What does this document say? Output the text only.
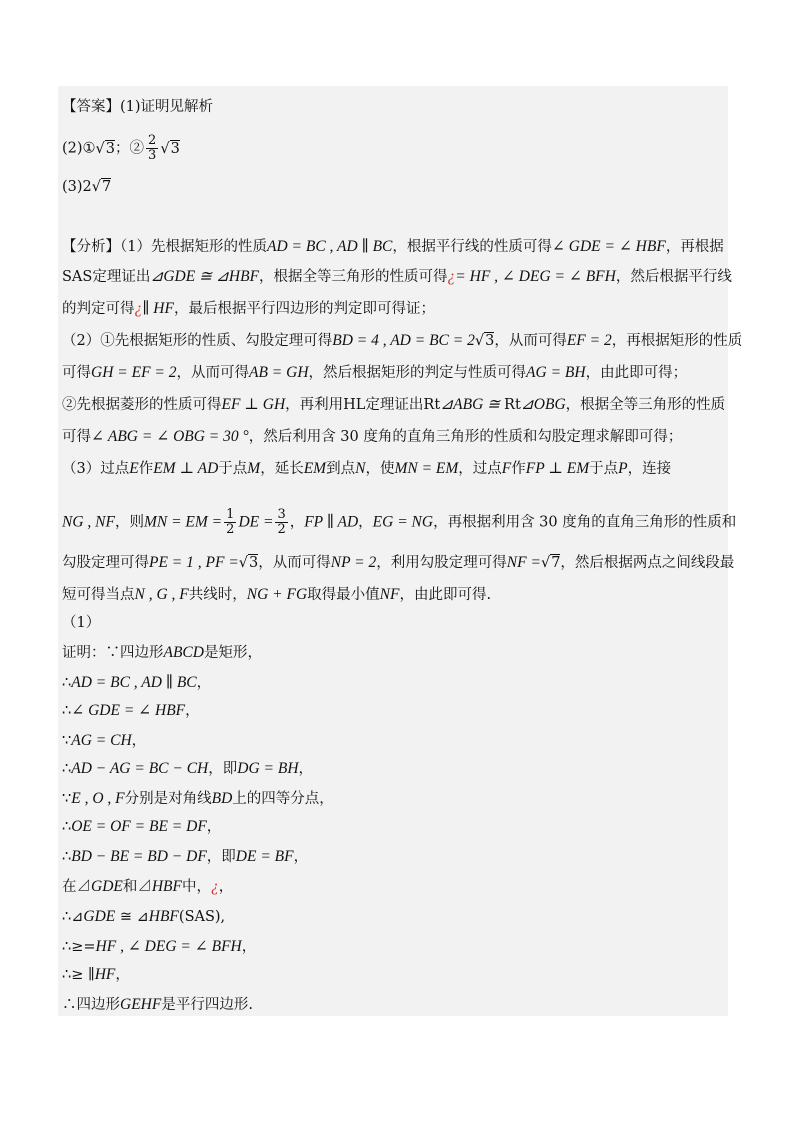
【答案】(1)证明见解析
(2)①√3；② $\frac{2}{3} √3$
(3)2√7
【分析】（1）先根据矩形的性质AD = BC , AD ∥ BC，根据平行线的性质可得∠ GDE = ∠ HBF，再根据
SAS定理证出⊿GDE ≅ ⊿HBF，根据全等三角形的性质可得¿= HF , ∠ DEG = ∠ BFH，然后根据平行线
的判定可得¿∥ HF，最后根据平行四边形的判定即可得证；
（2）①先根据矩形的性质、勾股定理可得BD = 4 , AD = BC = 2√3，从而可得EF = 2，再根据矩形的性质
可得GH = EF = 2，从而可得AB = GH，然后根据矩形的判定与性质可得AG = BH，由此即可得；
②先根据菱形的性质可得EF ⊥ GH，再利用HL定理证出Rt⊿ABG ≅ Rt⊿OBG，根据全等三角形的性质
可得∠ ABG = ∠ OBG = 30 °，然后利用含 30 度角的直角三角形的性质和勾股定理求解即可得；
（3）过点E作EM ⊥ AD于点M，延长EM到点N，使MN = EM，过点F作FP ⊥ EM于点P，连接
NG , NF，则MN = EM = $\frac{1}{2}$ DE = $\frac{3}{2}$ ，FP ∥ AD，EG = NG，再根据利用含 30 度角的直角三角形的性质和
勾股定理可得PE = 1 , PF =√3，从而可得NP = 2，利用勾股定理可得NF =√7，然后根据两点之间线段最
短可得当点N , G , F共线时，NG + FG取得最小值NF，由此即可得.
（1）
证明：∵四边形ABCD是矩形，
∴AD = BC , AD ∥ BC，
∴∠ GDE = ∠ HBF，
∵AG = CH，
∴AD − AG = BC − CH，即DG = BH，
∵E , O , F分别是对角线BD上的四等分点，
∴OE = OF = BE = DF，
∴BD − BE = BD − DF，即DE = BF，
在⊿GDE和⊿HBF中，¿，
∴⊿GDE ≅ ⊿HBF(SAS),
∴≥=HF , ∠ DEG = ∠ BFH，
∴≥ ∥HF，
∴四边形GEHF是平行四边形.
